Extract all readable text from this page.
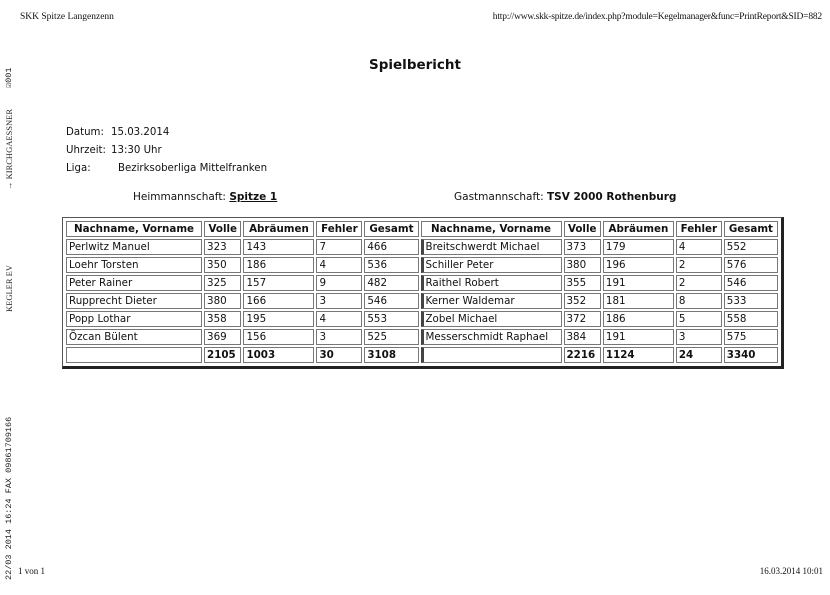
SKK Spitze Langenzenn	http://www.skk-spitze.de/index.php?module=Kegelmanager&func=PrintReport&SID=882
☑001
→ KIRCHGAESSNER
KEGLER EV
22/03 2014 16:24 FAX 09861709166
Spielbericht
Datum: 15.03.2014
Uhrzeit: 13:30 Uhr
Liga:	Bezirksoberliga Mittelfranken
Heimmannschaft: Spitze 1	Gastmannschaft: TSV 2000 Rothenburg
Nachname, Vorname	Volle	Abräumen	Fehler	Gesamt	Nachname, Vorname	Volle	Abräumen	Fehler	Gesamt
Perlwitz Manuel	323	143	7	466	Breitschwerdt Michael	373	179	4	552
Loehr Torsten	350	186	4	536	Schiller Peter	380	196	2	576
Peter Rainer	325	157	9	482	Raithel Robert	355	191	2	546
Rupprecht Dieter	380	166	3	546	Kerner Waldemar	352	181	8	533
Popp Lothar	358	195	4	553	Zobel Michael	372	186	5	558
Özcan Bülent	369	156	3	525	Messerschmidt Raphael	384	191	3	575
	2105	1003	30	3108		2216	1124	24	3340
1 von 1	16.03.2014 10:01
